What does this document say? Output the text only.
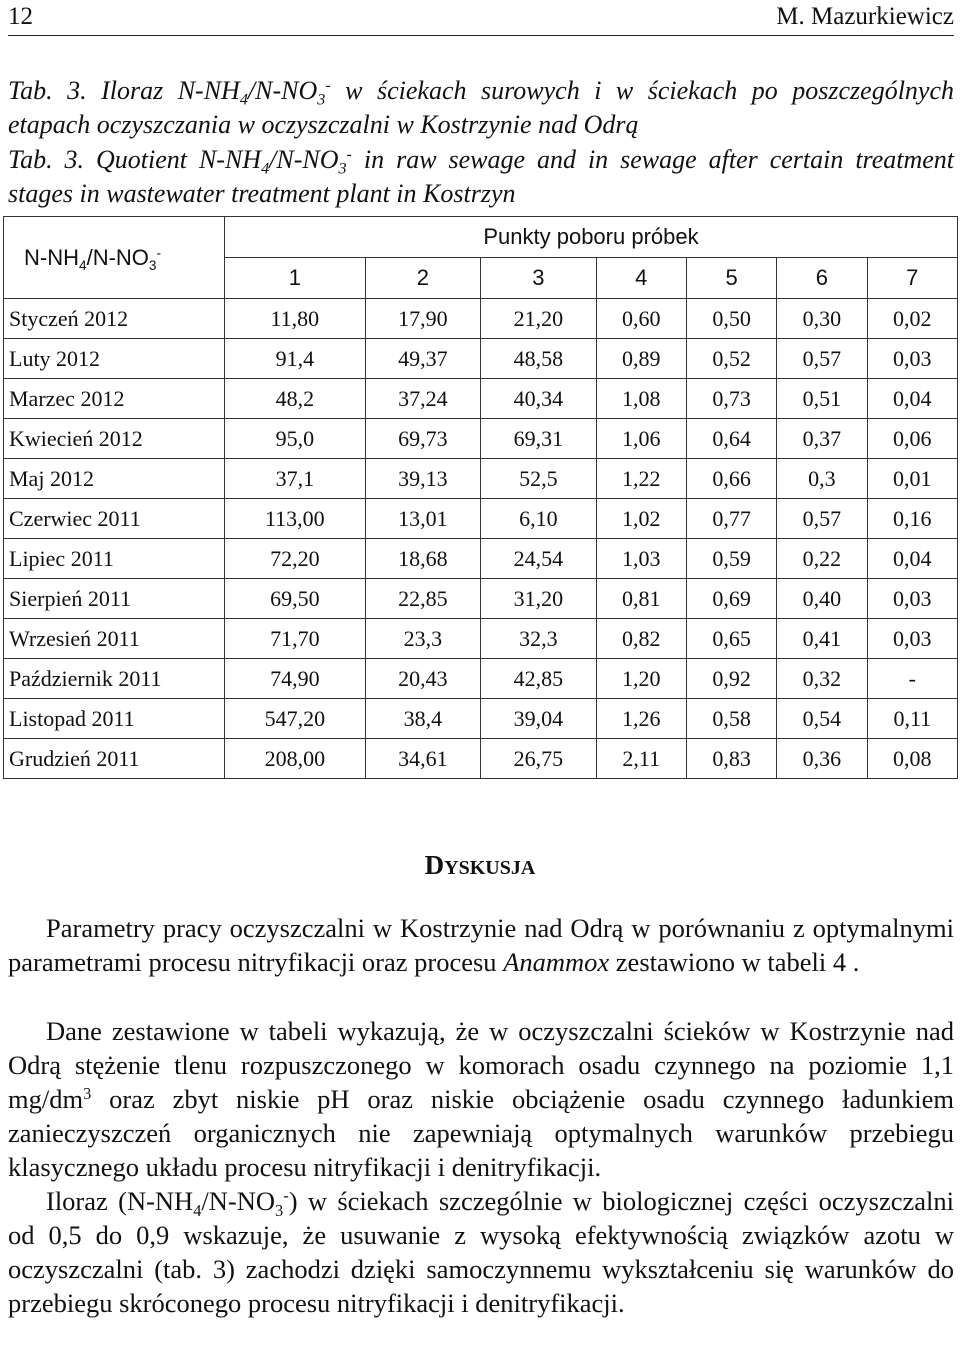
12	M. Mazurkiewicz
Tab. 3. Iloraz $N-NH_4/N-NO_3^-$ w ściekach surowych i w ściekach po poszczególnych etapach oczyszczania w oczyszczalni w Kostrzynie nad Odrą
Tab. 3. Quotient $N-NH_4/N-NO_3^-$ in raw sewage and in sewage after certain treatment stages in wastewater treatment plant in Kostrzyn
$N-NH_4/N-NO_3^-$	Punkty poboru próbek						
	1	2	3	4	5	6	7
Styczeń 2012	11,80	17,90	21,20	0,60	0,50	0,30	0,02
Luty 2012	91,4	49,37	48,58	0,89	0,52	0,57	0,03
Marzec 2012	48,2	37,24	40,34	1,08	0,73	0,51	0,04
Kwiecień 2012	95,0	69,73	69,31	1,06	0,64	0,37	0,06
Maj 2012	37,1	39,13	52,5	1,22	0,66	0,3	0,01
Czerwiec 2011	113,00	13,01	6,10	1,02	0,77	0,57	0,16
Lipiec 2011	72,20	18,68	24,54	1,03	0,59	0,22	0,04
Sierpień 2011	69,50	22,85	31,20	0,81	0,69	0,40	0,03
Wrzesień 2011	71,70	23,3	32,3	0,82	0,65	0,41	0,03
Październik 2011	74,90	20,43	42,85	1,20	0,92	0,32	-
Listopad 2011	547,20	38,4	39,04	1,26	0,58	0,54	0,11
Grudzień 2011	208,00	34,61	26,75	2,11	0,83	0,36	0,08
DYSKUSJA

Parametry pracy oczyszczalni w Kostrzynie nad Odrą w porównaniu z optymalnymi parametrami procesu nitryfikacji oraz procesu Anammox zestawiono w tabeli 4 .

Dane zestawione w tabeli wykazują, że w oczyszczalni ścieków w Kostrzynie nad Odrą stężenie tlenu rozpuszczonego w komorach osadu czynnego na poziomie 1,1 $mg/dm^3$ oraz zbyt niskie pH oraz niskie obciążenie osadu czynnego ładunkiem zanieczyszczeń organicznych nie zapewniają optymalnych warunków przebiegu klasycznego układu procesu nitryfikacji i denitryfikacji.

Iloraz $(N-NH_4/N-NO_3^-)$ w ściekach szczególnie w biologicznej części oczyszczalni od 0,5 do 0,9 wskazuje, że usuwanie z wysoką efektywnością związków azotu w oczyszczalni (tab. 3) zachodzi dzięki samoczynnemu wykształceniu się warunków do przebiegu skróconego procesu nitryfikacji i denitryfikacji.
